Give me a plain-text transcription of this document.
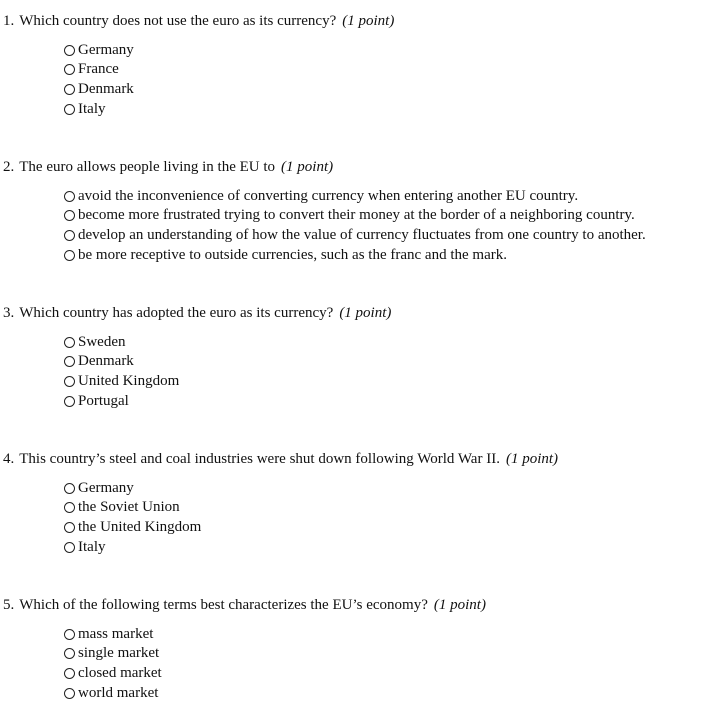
1. Which country does not use the euro as its currency? (1 point)
Germany
France
Denmark
Italy
2. The euro allows people living in the EU to (1 point)
avoid the inconvenience of converting currency when entering another EU country.
become more frustrated trying to convert their money at the border of a neighboring country.
develop an understanding of how the value of currency fluctuates from one country to another.
be more receptive to outside currencies, such as the franc and the mark.
3. Which country has adopted the euro as its currency? (1 point)
Sweden
Denmark
United Kingdom
Portugal
4. This country’s steel and coal industries were shut down following World War II. (1 point)
Germany
the Soviet Union
the United Kingdom
Italy
5. Which of the following terms best characterizes the EU’s economy? (1 point)
mass market
single market
closed market
world market
